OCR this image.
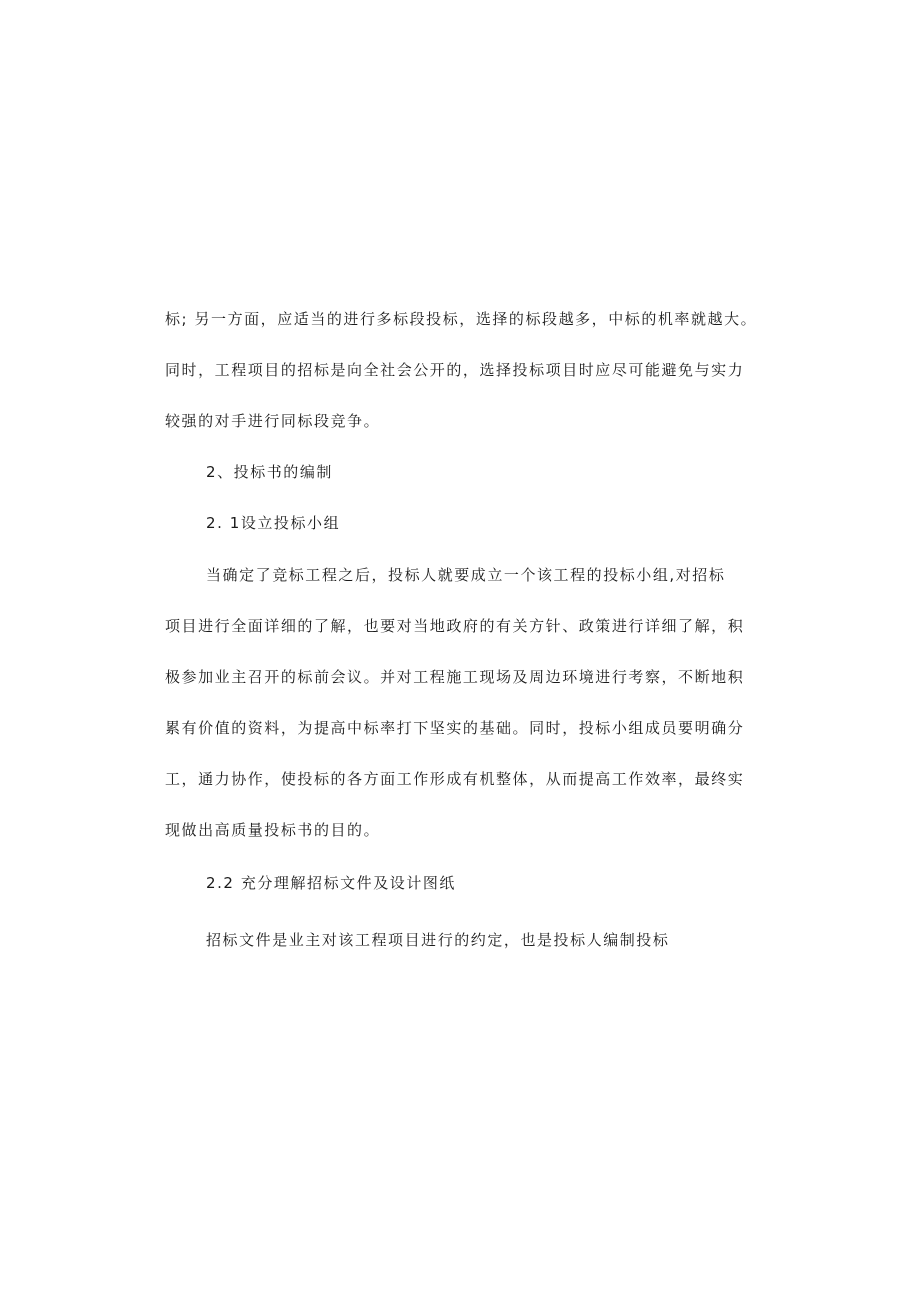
标; 另一方面，应适当的进行多标段投标，选择的标段越多，中标的机率就越大。
同时，工程项目的招标是向全社会公开的，选择投标项目时应尽可能避免与实力
较强的对手进行同标段竞争。
2、投标书的编制
2. 1设立投标小组
当确定了竞标工程之后，投标人就要成立一个该工程的投标小组,对招标
项目进行全面详细的了解，也要对当地政府的有关方针、政策进行详细了解，积
极参加业主召开的标前会议。并对工程施工现场及周边环境进行考察，不断地积
累有价值的资料，为提高中标率打下坚实的基础。同时，投标小组成员要明确分
工，通力协作，使投标的各方面工作形成有机整体，从而提高工作效率，最终实
现做出高质量投标书的目的。
2.2 充分理解招标文件及设计图纸
招标文件是业主对该工程项目进行的约定，也是投标人编制投标
